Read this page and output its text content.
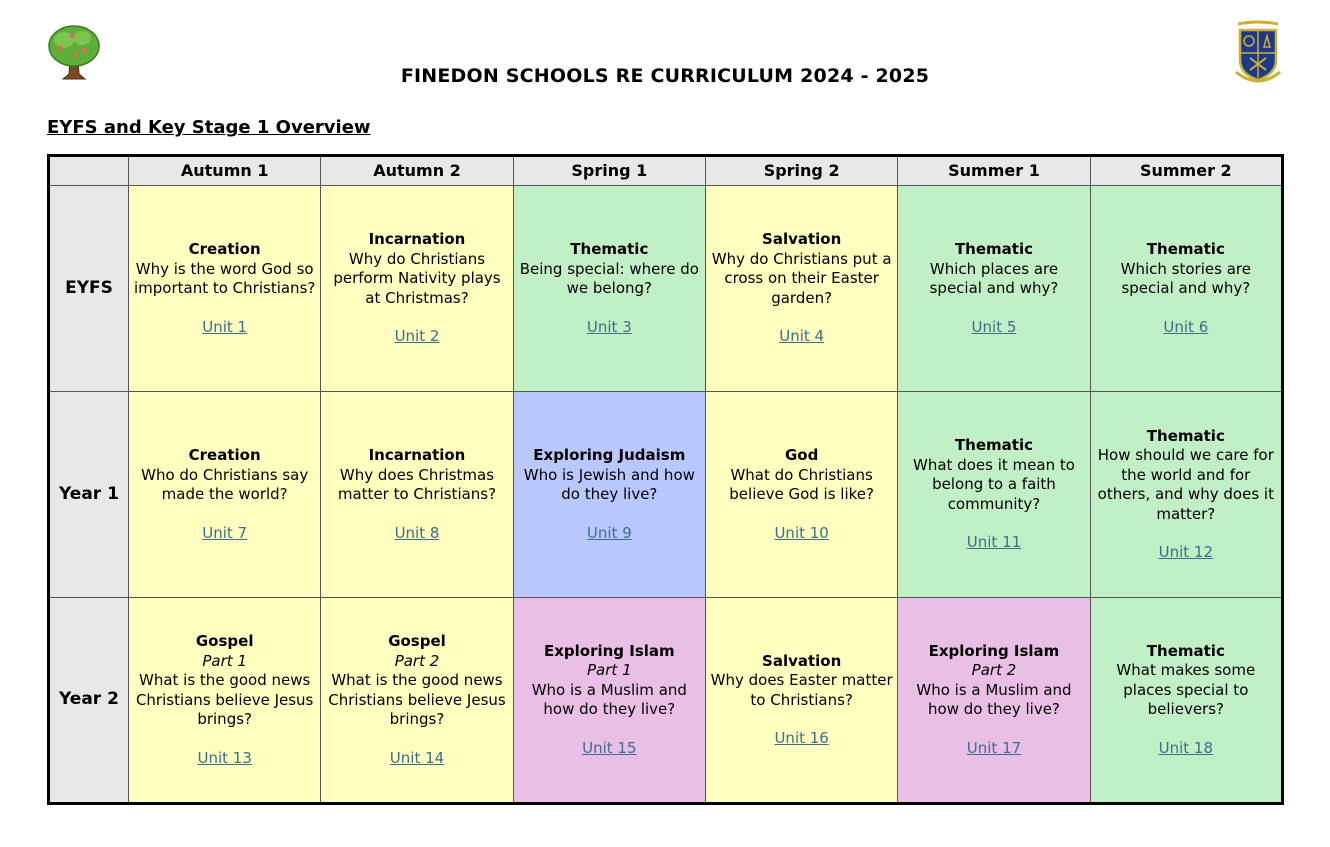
FINEDON SCHOOLS RE CURRICULUM 2024 - 2025
EYFS and Key Stage 1 Overview
	Autumn 1	Autumn 2	Spring 1	Spring 2	Summer 1	Summer 2
EYFS	Creation
Why is the word God so important to Christians?
Unit 1	Incarnation
Why do Christians perform Nativity plays at Christmas?
Unit 2	Thematic
Being special: where do we belong?
Unit 3	Salvation
Why do Christians put a cross on their Easter garden?
Unit 4	Thematic
Which places are special and why?
Unit 5	Thematic
Which stories are special and why?
Unit 6

Year 1	Creation
Who do Christians say made the world?
Unit 7	Incarnation
Why does Christmas matter to Christians?
Unit 8	Exploring Judaism
Who is Jewish and how do they live?
Unit 9	God
What do Christians believe God is like?
Unit 10	Thematic
What does it mean to belong to a faith community?
Unit 11	Thematic
How should we care for the world and for others, and why does it matter?
Unit 12

Year 2	Gospel
Part 1
What is the good news Christians believe Jesus brings?
Unit 13	Gospel
Part 2
What is the good news Christians believe Jesus brings?
Unit 14	Exploring Islam
Part 1
Who is a Muslim and how do they live?
Unit 15	Salvation
Why does Easter matter to Christians?
Unit 16	Exploring Islam
Part 2
Who is a Muslim and how do they live?
Unit 17	Thematic
What makes some places special to believers?
Unit 18
